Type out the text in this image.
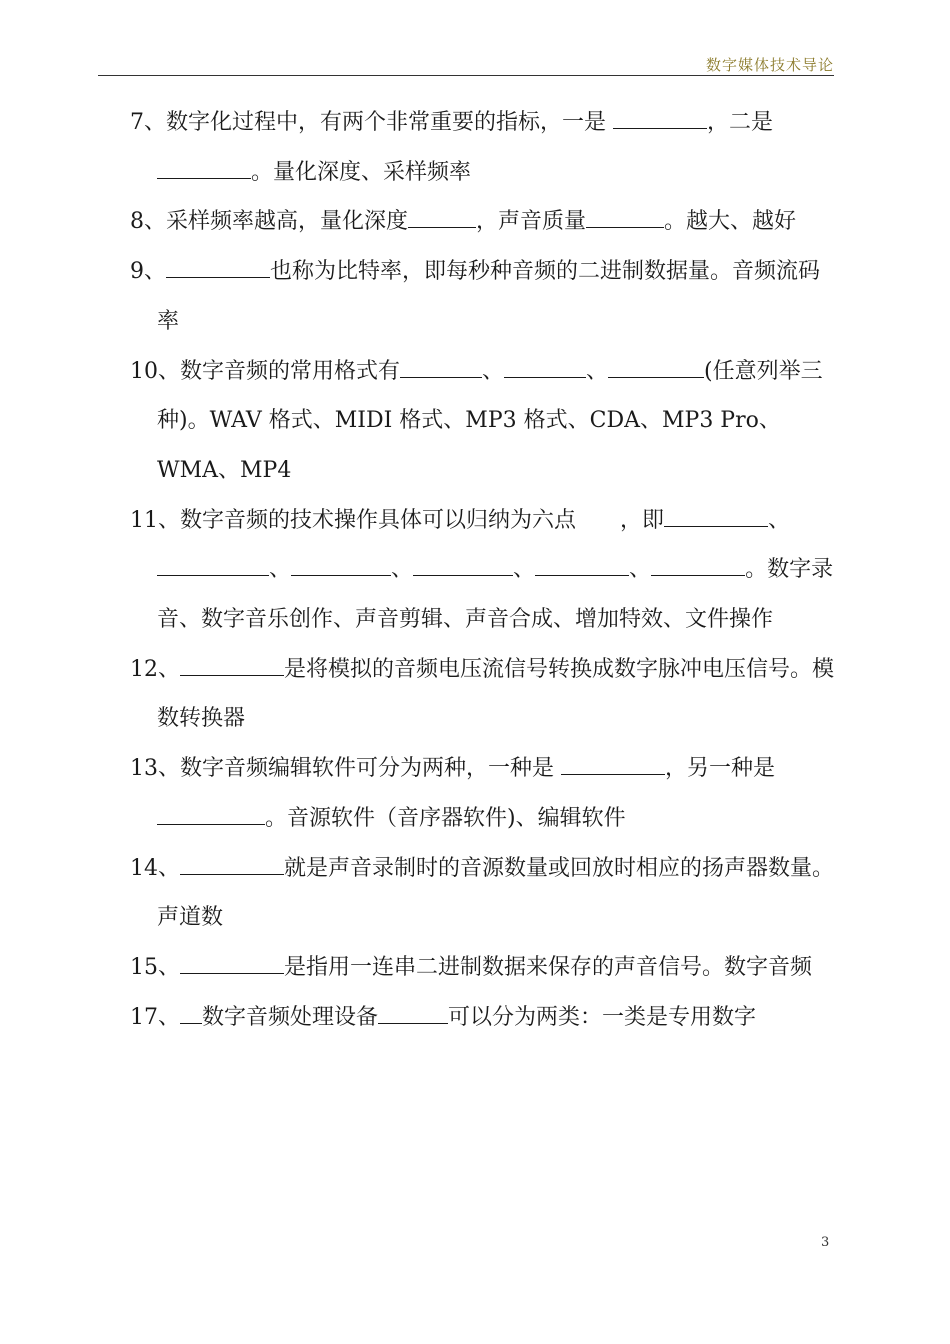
数字媒体技术导论

7、数字化过程中，有两个非常重要的指标，一是	，二是。量化深度、采样频率

8、采样频率越高，量化深度	，声音质量	。越大、越好

9、	也称为比特率，即每秒种音频的二进制数据量。音频流码率

10、数字音频的常用格式有	、	、	(任意列举三种)。WAV 格式、MIDI 格式、MP3 格式、CDA、MP3 Pro、WMA、MP4

11、数字音频的技术操作具体可以归纳为六点　　，即	、、	、	、	、	。数字录音、数字音乐创作、声音剪辑、声音合成、增加特效、文件操作

12、	是将模拟的音频电压流信号转换成数字脉冲电压信号。模数转换器

13、数字音频编辑软件可分为两种，一种是	，另一种是。音源软件（音序器软件)、编辑软件

14、	就是声音录制时的音源数量或回放时相应的扬声器数量。声道数

15、	是指用一连串二进制数据来保存的声音信号。数字音频

17、 数字音频处理设备	可以分为两类：一类是专用数字

3
